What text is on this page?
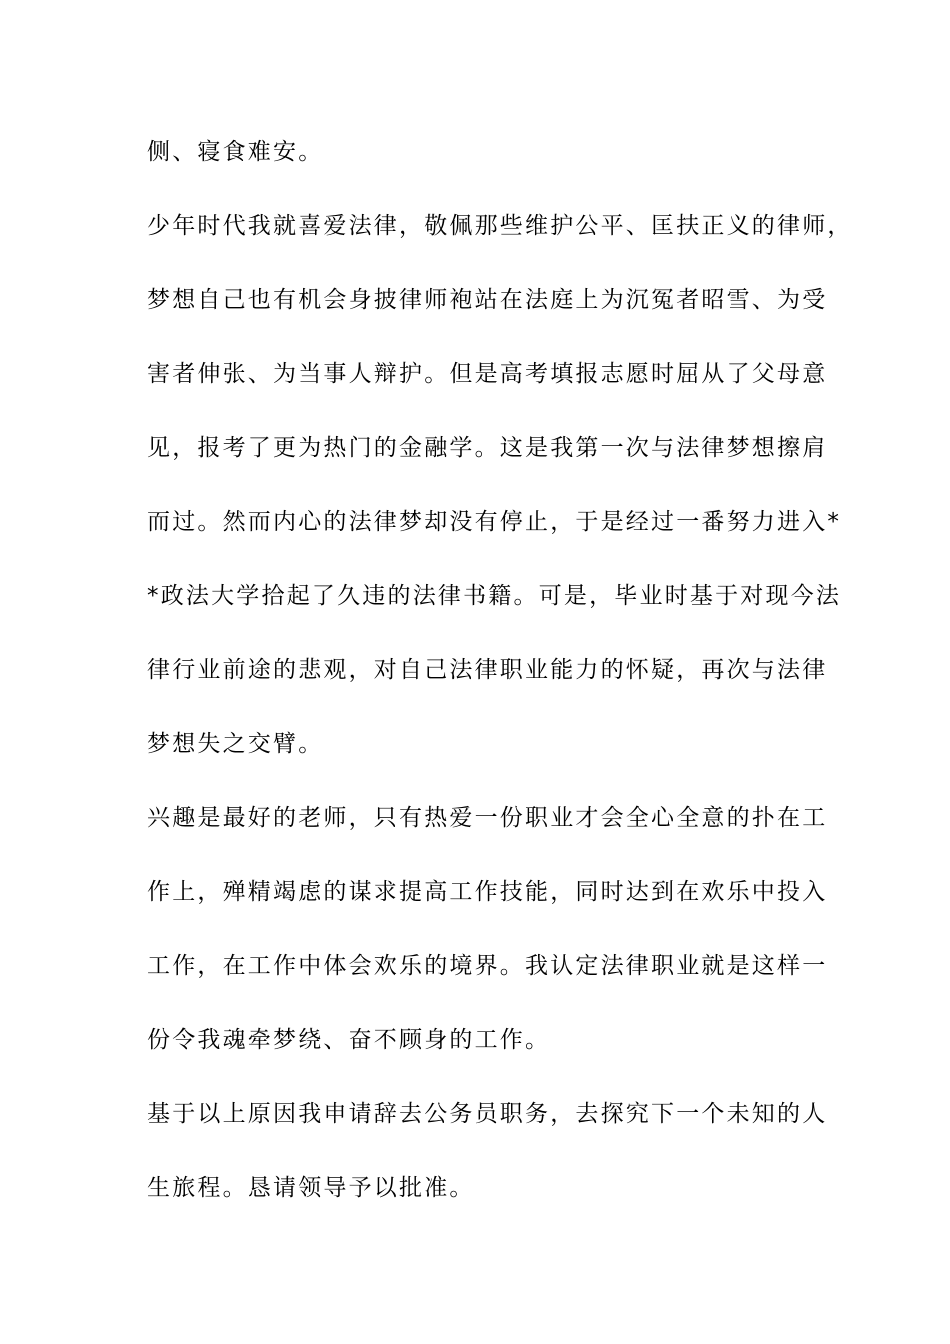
侧、寝食难安。
少年时代我就喜爱法律，敬佩那些维护公平、匡扶正义的律师，
梦想自己也有机会身披律师袍站在法庭上为沉冤者昭雪、为受
害者伸张、为当事人辩护。但是高考填报志愿时屈从了父母意
见，报考了更为热门的金融学。这是我第一次与法律梦想擦肩
而过。然而内心的法律梦却没有停止，于是经过一番努力进入*
*政法大学拾起了久违的法律书籍。可是，毕业时基于对现今法
律行业前途的悲观，对自己法律职业能力的怀疑，再次与法律
梦想失之交臂。
兴趣是最好的老师，只有热爱一份职业才会全心全意的扑在工
作上，殚精竭虑的谋求提高工作技能，同时达到在欢乐中投入
工作，在工作中体会欢乐的境界。我认定法律职业就是这样一
份令我魂牵梦绕、奋不顾身的工作。
基于以上原因我申请辞去公务员职务，去探究下一个未知的人
生旅程。恳请领导予以批准。
